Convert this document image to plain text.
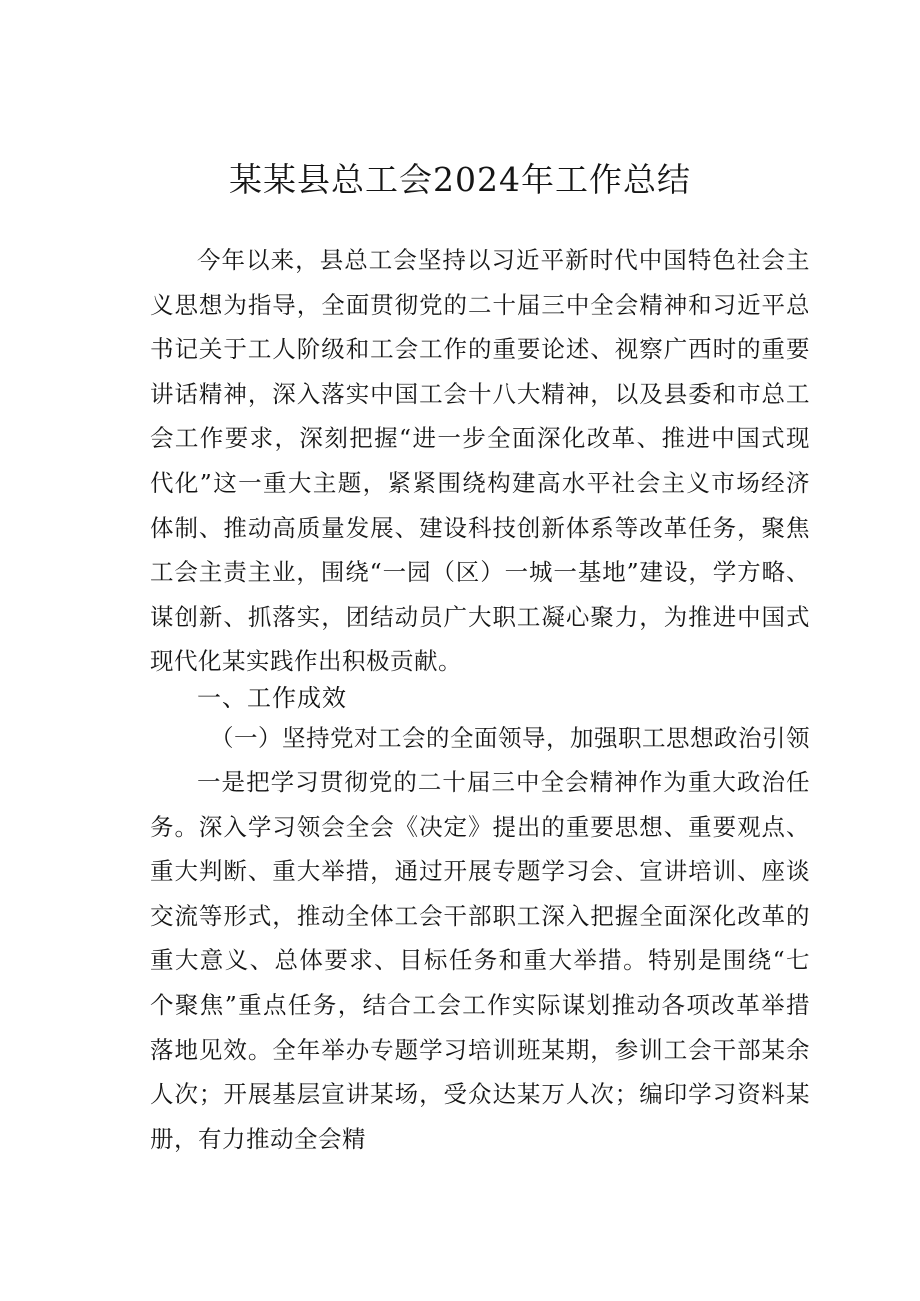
某某县总工会2024年工作总结
今年以来，县总工会坚持以习近平新时代中国特色社会主义思想为指导，全面贯彻党的二十届三中全会精神和习近平总书记关于工人阶级和工会工作的重要论述、视察广西时的重要讲话精神，深入落实中国工会十八大精神，以及县委和市总工会工作要求，深刻把握“进一步全面深化改革、推进中国式现代化”这一重大主题，紧紧围绕构建高水平社会主义市场经济体制、推动高质量发展、建设科技创新体系等改革任务，聚焦工会主责主业，围绕“一园（区）一城一基地”建设，学方略、谋创新、抓落实，团结动员广大职工凝心聚力，为推进中国式现代化某实践作出积极贡献。
一、工作成效
（一）坚持党对工会的全面领导，加强职工思想政治引领
一是把学习贯彻党的二十届三中全会精神作为重大政治任务。深入学习领会全会《决定》提出的重要思想、重要观点、重大判断、重大举措，通过开展专题学习会、宣讲培训、座谈交流等形式，推动全体工会干部职工深入把握全面深化改革的重大意义、总体要求、目标任务和重大举措。特别是围绕“七个聚焦”重点任务，结合工会工作实际谋划推动各项改革举措落地见效。全年举办专题学习培训班某期，参训工会干部某余人次；开展基层宣讲某场，受众达某万人次；编印学习资料某册，有力推动全会精
